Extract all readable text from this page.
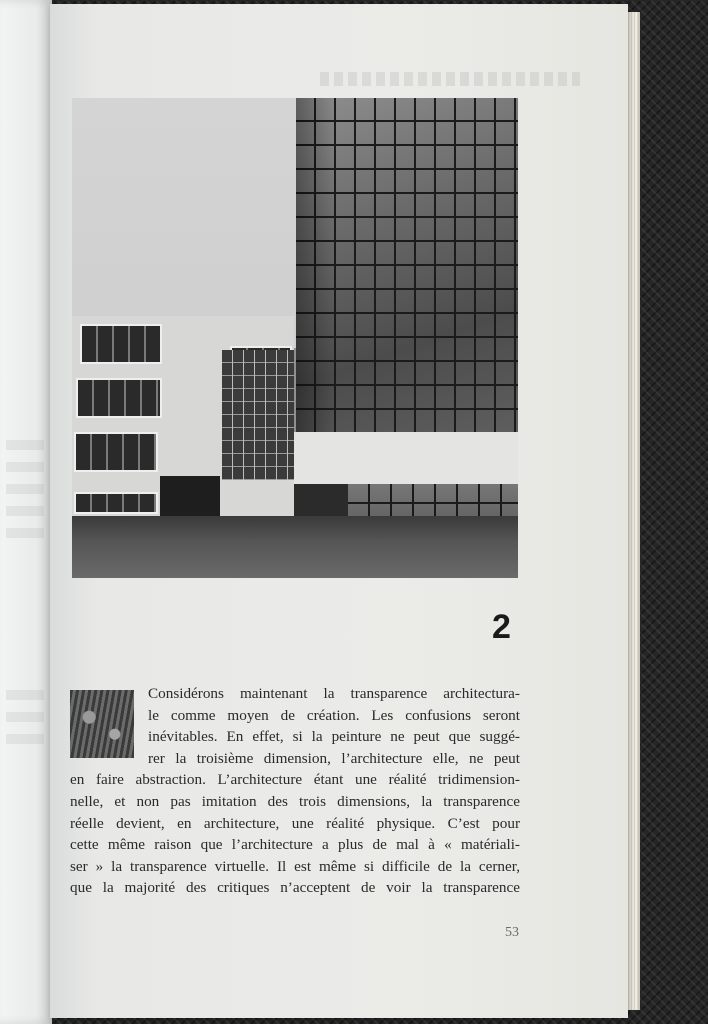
2
Considérons maintenant la transparence architectura-
le comme moyen de création. Les confusions seront
inévitables. En effet, si la peinture ne peut que suggé-
rer la troisième dimension, l’architecture elle, ne peut
en faire abstraction. L’architecture étant une réalité tridimension-
nelle, et non pas imitation des trois dimensions, la transparence
réelle devient, en architecture, une réalité physique. C’est pour
cette même raison que l’architecture a plus de mal à « matériali-
ser » la transparence virtuelle. Il est même si difficile de la cerner,
que la majorité des critiques n’acceptent de voir la transparence
53
